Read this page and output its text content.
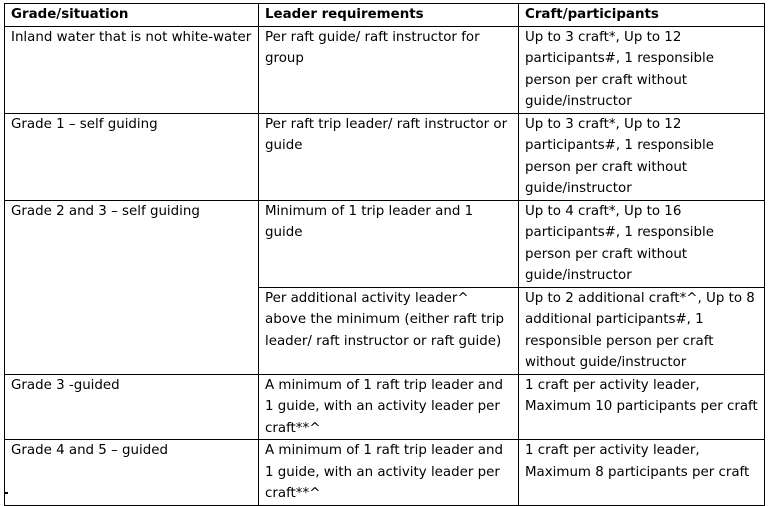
Grade/situation	Leader requirements	Craft/participants
Inland water that is not white-water	Per raft guide/ raft instructor for group	Up to 3 craft*, Up to 12 participants#, 1 responsible person per craft without guide/instructor
Grade 1 – self guiding	Per raft trip leader/ raft instructor or guide	Up to 3 craft*, Up to 12 participants#, 1 responsible person per craft without guide/instructor
Grade 2 and 3 – self guiding	Minimum of 1 trip leader and 1 guide	Up to 4 craft*, Up to 16 participants#, 1 responsible person per craft without guide/instructor
	Per additional activity leader^ above the minimum (either raft trip leader/ raft instructor or raft guide)	Up to 2 additional craft*^, Up to 8 additional participants#, 1 responsible person per craft without guide/instructor
Grade 3 -guided	A minimum of 1 raft trip leader and 1 guide, with an activity leader per craft**^	1 craft per activity leader, Maximum 10 participants per craft
Grade 4 and 5 – guided	A minimum of 1 raft trip leader and 1 guide, with an activity leader per craft**^	1 craft per activity leader, Maximum 8 participants per craft
